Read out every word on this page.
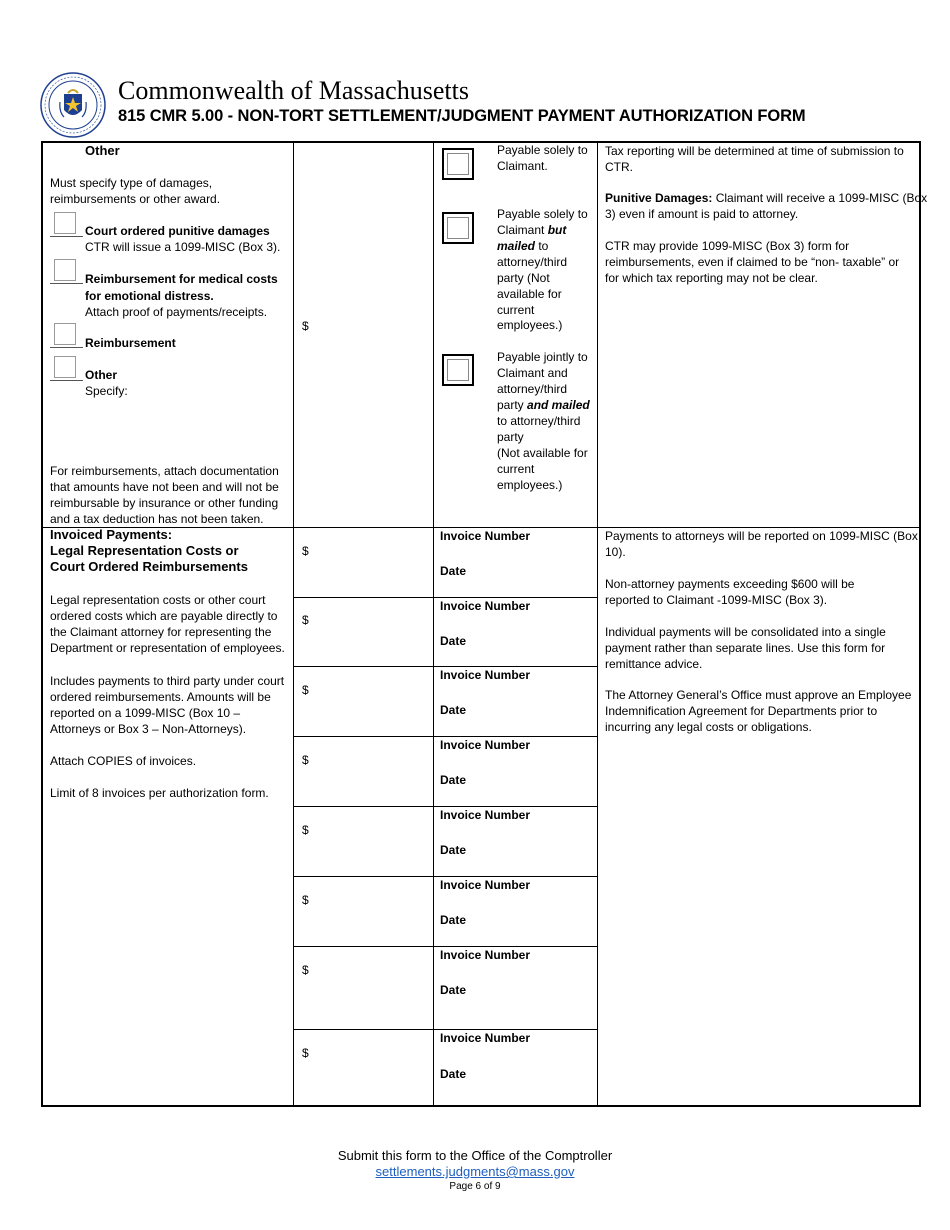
Commonwealth of Massachusetts
815 CMR 5.00 - NON-TORT SETTLEMENT/JUDGMENT PAYMENT AUTHORIZATION FORM
Other
Must specify type of damages,
reimbursements or other award.
Court ordered punitive damages
CTR will issue a 1099-MISC (Box 3).
Reimbursement for medical costs
for emotional distress.
Attach proof of payments/receipts.
Reimbursement
Other
Specify:
For reimbursements, attach documentation
that amounts have not been and will not be
reimbursable by insurance or other funding
and a tax deduction has not been taken.
$
Payable solely to
Claimant.
Payable solely to
Claimant but
mailed to
attorney/third
party (Not
available for
current
employees.)
Payable jointly to
Claimant and
attorney/third
party and mailed
to attorney/third
party
(Not available for
current
employees.)
Tax reporting will be determined at time of submission to
CTR.
Punitive Damages: Claimant will receive a 1099-MISC (Box
3) even if amount is paid to attorney.
CTR may provide 1099-MISC (Box 3) form for
reimbursements, even if claimed to be “non- taxable” or
for which tax reporting may not be clear.
Invoiced Payments:
Legal Representation Costs or
Court Ordered Reimbursements
Legal representation costs or other court
ordered costs which are payable directly to
the Claimant attorney for representing the
Department or representation of employees.
Includes payments to third party under court
ordered reimbursements. Amounts will be
reported on a 1099-MISC (Box 10 –
Attorneys or Box 3 – Non-Attorneys).
Attach COPIES of invoices.
Limit of 8 invoices per authorization form.
$
Invoice Number
Date
$
Invoice Number
Date
$
Invoice Number
Date
$
Invoice Number
Date
$
Invoice Number
Date
$
Invoice Number
Date
$
Invoice Number
Date
$
Invoice Number
Date
Payments to attorneys will be reported on 1099-MISC (Box
10).
Non-attorney payments exceeding $600 will be
reported to Claimant -1099-MISC (Box 3).
Individual payments will be consolidated into a single
payment rather than separate lines. Use this form for
remittance advice.
The Attorney General’s Office must approve an Employee
Indemnification Agreement for Departments prior to
incurring any legal costs or obligations.
Submit this form to the Office of the Comptroller
settlements.judgments@mass.gov
Page 6 of 9
